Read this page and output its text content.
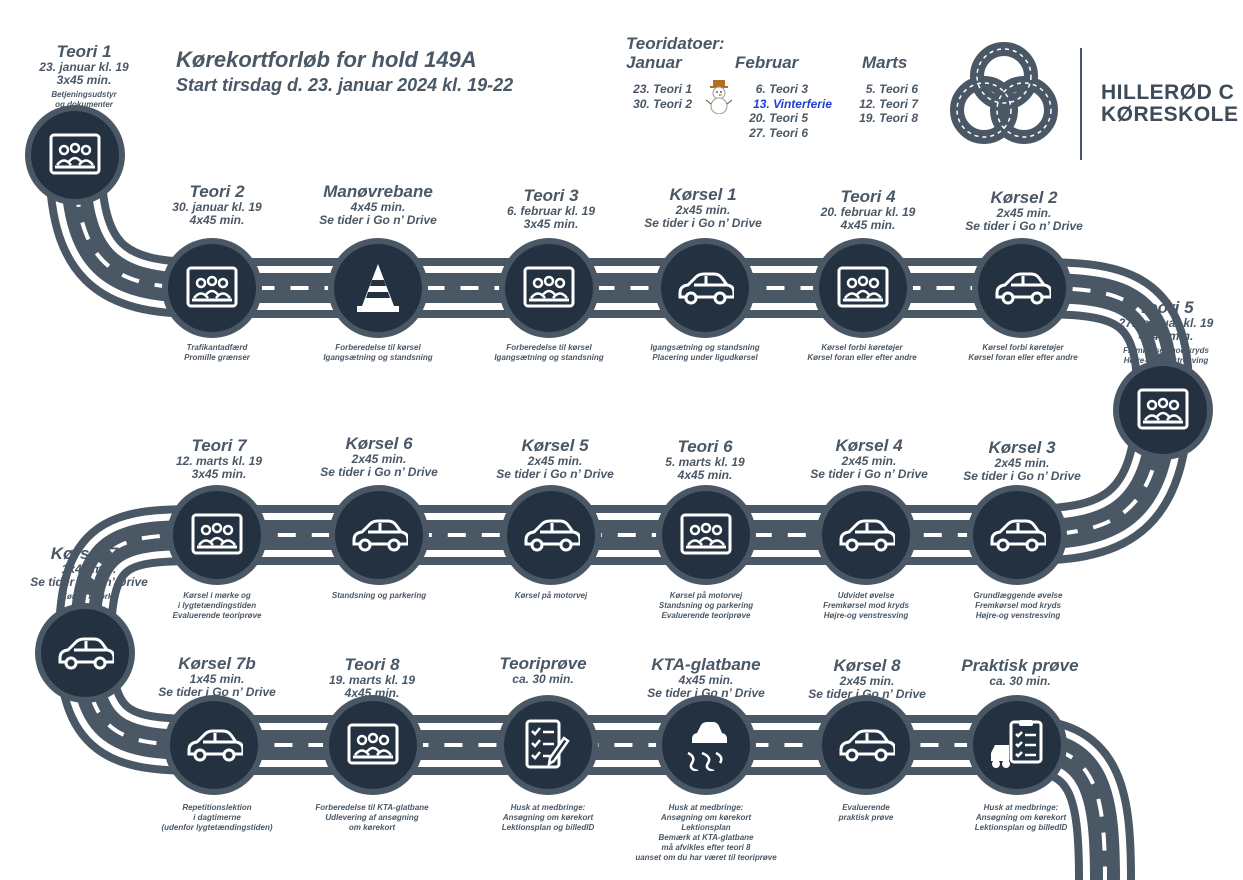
Kørekortforløb for hold 149A
Start tirsdag d. 23. januar 2024 kl. 19-22
Teoridatoer:
Januar	Februar	Marts
23. Teori 1
30. Teori 2
6. Teori 3
13. Vinterferie
20. Teori 5
27. Teori 6
5. Teori 6
12. Teori 7
19. Teori 8
HILLERØD C
KØRESKOLE
Teori 1
23. januar kl. 19
3x45 min.
Betjeningsudstyr
og dokumenter
Teori 2
30. januar kl. 19
4x45 min.
Trafikantadfærd
Promille grænser
Manøvrebane
4x45 min.
Se tider i Go n’ Drive
Forberedelse til kørsel
Igangsætning og standsning
Teori 3
6. februar kl. 19
3x45 min.
Forberedelse til kørsel
Igangsætning og standsning
Kørsel 1
2x45 min.
Se tider i Go n’ Drive
Igangsætning og standsning
Placering under ligudkørsel
Teori 4
20. februar kl. 19
4x45 min.
Kørsel forbi køretøjer
Kørsel foran eller efter andre
Kørsel 2
2x45 min.
Se tider i Go n’ Drive
Kørsel forbi køretøjer
Kørsel foran eller efter andre
Teori 5
27. februar kl. 19
4x45 min.
Fremkørsel mod kryds
Højre-og venstresving
Kørsel 3
2x45 min.
Se tider i Go n’ Drive
Grundlæggende øvelse
Fremkørsel mod kryds
Højre-og venstresving
Kørsel 4
2x45 min.
Se tider i Go n’ Drive
Udvidet øvelse
Fremkørsel mod kryds
Højre-og venstresving
Teori 6
5. marts kl. 19
4x45 min.
Kørsel på motorvej
Standsning og parkering
Evaluerende teoriprøve
Kørsel 5
2x45 min.
Se tider i Go n’ Drive
Kørsel på motorvej
Kørsel 6
2x45 min.
Se tider i Go n’ Drive
Standsning og parkering
Teori 7
12. marts kl. 19
3x45 min.
Kørsel i mørke og
i lygtetændingstiden
Evaluerende teoriprøve
Kørsel 7a
1x45 min.
Se tider i Go n’ Drive
Kørsel i mørke
Kørsel 7b
1x45 min.
Se tider i Go n’ Drive
Repetitionslektion
i dagtimerne
(udenfor lygtetændingstiden)
Teori 8
19. marts kl. 19
4x45 min.
Forberedelse til KTA-glatbane
Udlevering af ansøgning
om kørekort
Teoriprøve
ca. 30 min.
Husk at medbringe:
Ansøgning om kørekort
Lektionsplan og billedID
KTA-glatbane
4x45 min.
Se tider i Go n’ Drive
Husk at medbringe:
Ansøgning om kørekort
Lektionsplan
Bemærk at KTA-glatbane
må afvikles efter teori 8
uanset om du har været til teoriprøve
Kørsel 8
2x45 min.
Se tider i Go n’ Drive
Evaluerende
praktisk prøve
Praktisk prøve
ca. 30 min.
Husk at medbringe:
Ansøgning om kørekort
Lektionsplan og billedID
